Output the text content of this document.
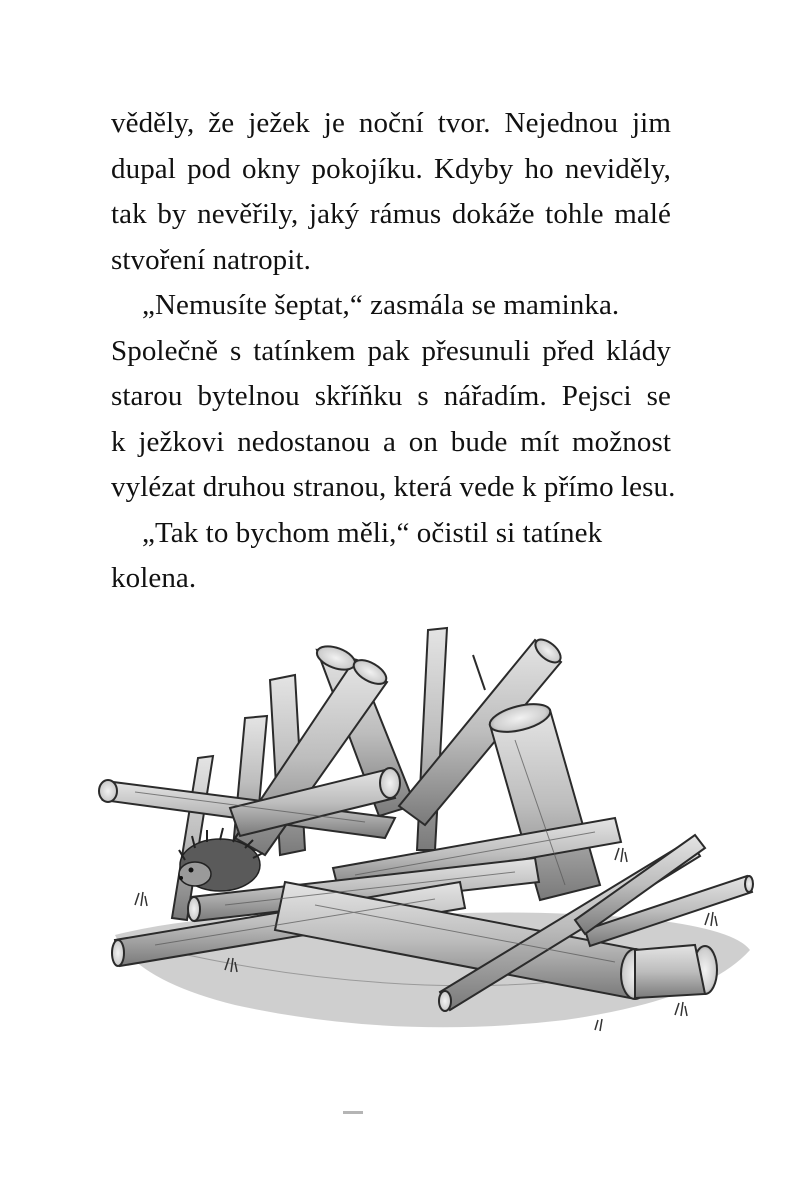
věděly, že ježek je noční tvor. Nejednou jim
dupal pod okny pokojíku. Kdyby ho neviděly,
tak by nevěřily, jaký rámus dokáže tohle malé
stvoření natropit.
„Nemusíte šeptat,“ zasmála se maminka.
Společně s tatínkem pak přesunuli před klády
starou bytelnou skříňku s nářadím. Pejsci se
k ježkovi nedostanou a on bude mít možnost
vylézat druhou stranou, která vede k přímo lesu.
„Tak to bychom měli,“ očistil si tatínek
kolena.
